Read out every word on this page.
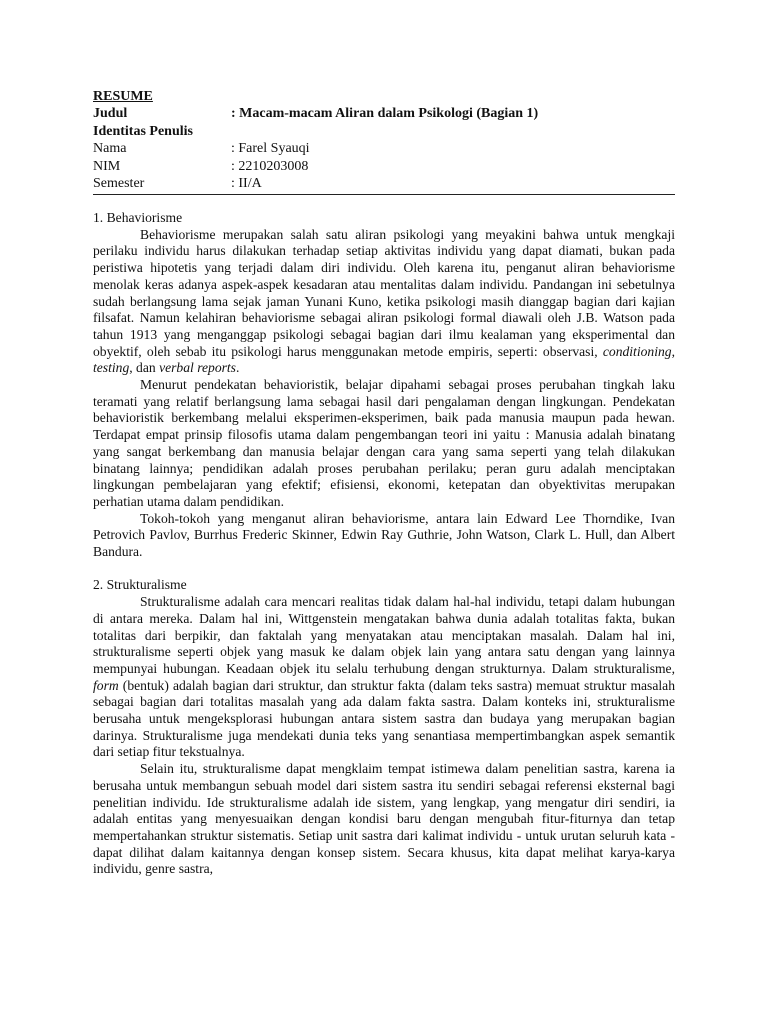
RESUME
Judul	: Macam-macam Aliran dalam Psikologi (Bagian 1)
Identitas Penulis
Nama	: Farel Syauqi
NIM	: 2210203008
Semester	: II/A

1. Behaviorisme

Behaviorisme merupakan salah satu aliran psikologi yang meyakini bahwa untuk mengkaji perilaku individu harus dilakukan terhadap setiap aktivitas individu yang dapat diamati, bukan pada peristiwa hipotetis yang terjadi dalam diri individu. Oleh karena itu, penganut aliran behaviorisme menolak keras adanya aspek-aspek kesadaran atau mentalitas dalam individu. Pandangan ini sebetulnya sudah berlangsung lama sejak jaman Yunani Kuno, ketika psikologi masih dianggap bagian dari kajian filsafat. Namun kelahiran behaviorisme sebagai aliran psikologi formal diawali oleh J.B. Watson pada tahun 1913 yang menganggap psikologi sebagai bagian dari ilmu kealaman yang eksperimental dan obyektif, oleh sebab itu psikologi harus menggunakan metode empiris, seperti: observasi, conditioning, testing, dan verbal reports.

Menurut pendekatan behavioristik, belajar dipahami sebagai proses perubahan tingkah laku teramati yang relatif berlangsung lama sebagai hasil dari pengalaman dengan lingkungan. Pendekatan behavioristik berkembang melalui eksperimen-eksperimen, baik pada manusia maupun pada hewan. Terdapat empat prinsip filosofis utama dalam pengembangan teori ini yaitu : Manusia adalah binatang yang sangat berkembang dan manusia belajar dengan cara yang sama seperti yang telah dilakukan binatang lainnya; pendidikan adalah proses perubahan perilaku; peran guru adalah menciptakan lingkungan pembelajaran yang efektif; efisiensi, ekonomi, ketepatan dan obyektivitas merupakan perhatian utama dalam pendidikan.

Tokoh-tokoh yang menganut aliran behaviorisme, antara lain Edward Lee Thorndike, Ivan Petrovich Pavlov, Burrhus Frederic Skinner, Edwin Ray Guthrie, John Watson, Clark L. Hull, dan Albert Bandura.

2. Strukturalisme

Strukturalisme adalah cara mencari realitas tidak dalam hal-hal individu, tetapi dalam hubungan di antara mereka. Dalam hal ini, Wittgenstein mengatakan bahwa dunia adalah totalitas fakta, bukan totalitas dari berpikir, dan faktalah yang menyatakan atau menciptakan masalah. Dalam hal ini, strukturalisme seperti objek yang masuk ke dalam objek lain yang antara satu dengan yang lainnya mempunyai hubungan. Keadaan objek itu selalu terhubung dengan strukturnya. Dalam strukturalisme, form (bentuk) adalah bagian dari struktur, dan struktur fakta (dalam teks sastra) memuat struktur masalah sebagai bagian dari totalitas masalah yang ada dalam fakta sastra. Dalam konteks ini, strukturalisme berusaha untuk mengeksplorasi hubungan antara sistem sastra dan budaya yang merupakan bagian darinya. Strukturalisme juga mendekati dunia teks yang senantiasa mempertimbangkan aspek semantik dari setiap fitur tekstualnya.

Selain itu, strukturalisme dapat mengklaim tempat istimewa dalam penelitian sastra, karena ia berusaha untuk membangun sebuah model dari sistem sastra itu sendiri sebagai referensi eksternal bagi penelitian individu. Ide strukturalisme adalah ide sistem, yang lengkap, yang mengatur diri sendiri, ia adalah entitas yang menyesuaikan dengan kondisi baru dengan mengubah fitur-fiturnya dan tetap mempertahankan struktur sistematis. Setiap unit sastra dari kalimat individu - untuk urutan seluruh kata - dapat dilihat dalam kaitannya dengan konsep sistem. Secara khusus, kita dapat melihat karya-karya individu, genre sastra,
